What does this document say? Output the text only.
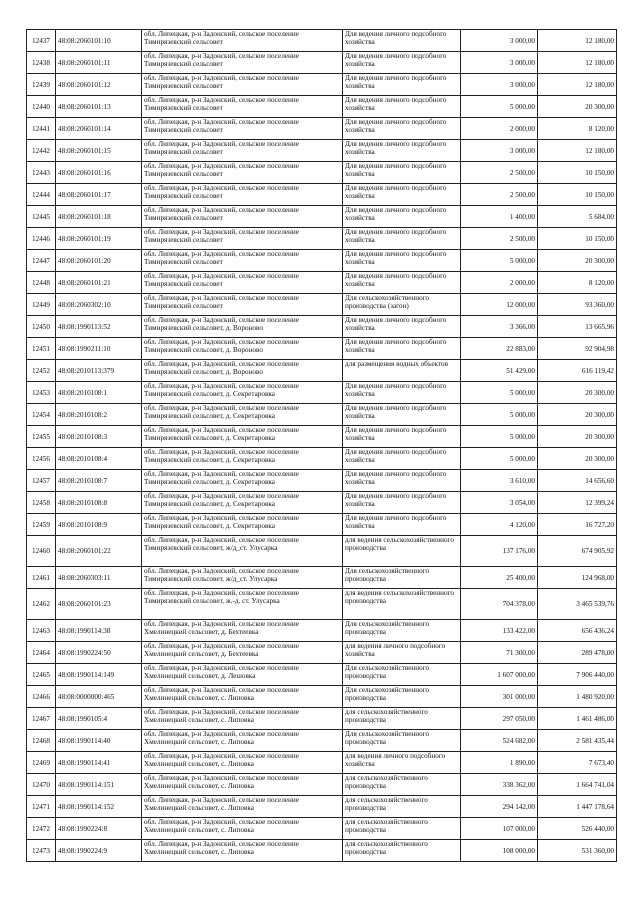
12437	48:08:2060101:10	обл. Липецкая, р-н Задонский, сельское поселение Тимирязевский сельсовет	Для ведения личного подсобного хозяйства	3 000,00	12 180,00

12438	48:08:2060101:11	обл. Липецкая, р-н Задонский, сельское поселение Тимирязевский сельсовет	Для ведения личного подсобного хозяйства	3 000,00	12 180,00

12439	48:08:2060101:12	обл. Липецкая, р-н Задонский, сельское поселение Тимирязевский сельсовет	Для ведения личного подсобного хозяйства	3 000,00	12 180,00

12440	48:08:2060101:13	обл. Липецкая, р-н Задонский, сельское поселение Тимирязевский сельсовет	Для ведения личного подсобного хозяйства	5 000,00	20 300,00

12441	48:08:2060101:14	обл. Липецкая, р-н Задонский, сельское поселение Тимирязевский сельсовет	Для ведения личного подсобного хозяйства	2 000,00	8 120,00

12442	48:08:2060101:15	обл. Липецкая, р-н Задонский, сельское поселение Тимирязевский сельсовет	Для ведения личного подсобного хозяйства	3 000,00	12 180,00

12443	48:08:2060101:16	обл. Липецкая, р-н Задонский, сельское поселение Тимирязевский сельсовет	Для ведения личного подсобного хозяйства	2 500,00	10 150,00

12444	48:08:2060101:17	обл. Липецкая, р-н Задонский, сельское поселение Тимирязевский сельсовет	Для ведения личного подсобного хозяйства	2 500,00	10 150,00

12445	48:08:2060101:18	обл. Липецкая, р-н Задонский, сельское поселение Тимирязевский сельсовет	Для ведения личного подсобного хозяйства	1 400,00	5 684,00

12446	48:08:2060101:19	обл. Липецкая, р-н Задонский, сельское поселение Тимирязевский сельсовет	Для ведения личного подсобного хозяйства	2 500,00	10 150,00

12447	48:08:2060101:20	обл. Липецкая, р-н Задонский, сельское поселение Тимирязевский сельсовет	Для ведения личного подсобного хозяйства	5 000,00	20 300,00

12448	48:08:2060101:21	обл. Липецкая, р-н Задонский, сельское поселение Тимирязевский сельсовет	Для ведения личного подсобного хозяйства	2 000,00	8 120,00

12449	48:08:2060302:10	обл. Липецкая, р-н Задонский, сельское поселение Тимирязевский сельсовет	Для сельскохозяйственного производства (загон)	12 000,00	93 360,00

12450	48:08:1990113:52	обл. Липецкая, р-н Задонский, сельское поселение Тимирязевский сельсовет, д. Вороново	Для ведения личного подсобного хозяйства	3 366,00	13 665,96

12451	48:08:1990211:10	обл. Липецкая, р-н Задонский, сельское поселение Тимирязевский сельсовет, д. Вороново	Для ведения личного подсобного хозяйства	22 883,00	92 904,98

12452	48:08:2010113:379	обл. Липецкая, р-н Задонский, сельское поселение Тимирязевский сельсовет, д. Вороново	для размещения водных объектов	51 429,00	616 119,42

12453	48:08:2010108:1	обл. Липецкая, р-н Задонский, сельское поселение Тимирязевский сельсовет, д. Секретаровка	Для ведения личного подсобного хозяйства	5 000,00	20 300,00

12454	48:08:2010108:2	обл. Липецкая, р-н Задонский, сельское поселение Тимирязевский сельсовет, д. Секретаровка	Для ведения личного подсобного хозяйства	5 000,00	20 300,00

12455	48:08:2010108:3	обл. Липецкая, р-н Задонский, сельское поселение Тимирязевский сельсовет, д. Секретаровка	Для ведения личного подсобного хозяйства	5 000,00	20 300,00

12456	48:08:2010108:4	обл. Липецкая, р-н Задонский, сельское поселение Тимирязевский сельсовет, д. Секретаровка	Для ведения личного подсобного хозяйства	5 000,00	20 300,00

12457	48:08:2010108:7	обл. Липецкая, р-н Задонский, сельское поселение Тимирязевский сельсовет, д. Секретаровка	Для ведения личного подсобного хозяйства	3 610,00	14 656,60

12458	48:08:2010108:8	обл. Липецкая, р-н Задонский, сельское поселение Тимирязевский сельсовет, д. Секретаровка	Для ведения личного подсобного хозяйства	3 054,00	12 399,24

12459	48:08:2010108:9	обл. Липецкая, р-н Задонский, сельское поселение Тимирязевский сельсовет, д. Секретаровка	Для ведения личного подсобного хозяйства	4 120,00	16 727,20

12460	48:08:2060101:22	обл. Липецкая, р-н Задонский, сельское поселение Тимирязевский сельсовет, ж/д_ст. Улусарка	для ведения сельскохозяйственного производства	137 176,00	674 905,92

12461	48:08:2060303:11	обл. Липецкая, р-н Задонский, сельское поселение Тимирязевский сельсовет, ж/д_ст. Улусарка	Для сельскохозяйственного производства	25 400,00	124 968,00

12462	48:08:2060101:23	обл. Липецкая, р-н Задонский, сельское поселение Тимирязевский сельсовет, ж.-д. ст. Улусарка	для ведения сельскохозяйственного производства	704 378,00	3 465 539,76

12463	48:08:1990114:38	обл. Липецкая, р-н Задонский, сельское поселение Хмелинецкий сельсовет, д. Бехтеевка	Для сельскохозяйственного производства	133 422,00	656 436,24

12464	48:08:1990224:50	обл. Липецкая, р-н Задонский, сельское поселение Хмелинецкий сельсовет, д. Бехтеевка	для ведения личного подсобного хозяйства	71 300,00	289 478,00

12465	48:08:1990114:149	обл. Липецкая, р-н Задонский, сельское поселение Хмелинецкий сельсовет, д. Лешовка	Для сельскохозяйственного производства	1 607 000,00	7 906 440,00

12466	48:08:0000000:465	обл. Липецкая, р-н Задонский, сельское поселение Хмелинецкий сельсовет, с. Липовка	Для сельскохозяйственного производства	301 000,00	1 480 920,00

12467	48:08:1990105:4	обл. Липецкая, р-н Задонский, сельское поселение Хмелинецкий сельсовет, с. Липовка	для сельскохозяйственного производства	297 050,00	1 461 486,00

12468	48:08:1990114:40	обл. Липецкая, р-н Задонский, сельское поселение Хмелинецкий сельсовет, с. Липовка	Для сельскохозяйственного производства	524 682,00	2 581 435,44

12469	48:08:1990114:41	обл. Липецкая, р-н Задонский, сельское поселение Хмелинецкий сельсовет, с. Липовка	для ведения личного подсобного хозяйства	1 890,00	7 673,40

12470	48:08:1990114:151	обл. Липецкая, р-н Задонский, сельское поселение Хмелинецкий сельсовет, с. Липовка	для сельскохозяйственного производства	338 362,00	1 664 741,04

12471	48:08:1990114:152	обл. Липецкая, р-н Задонский, сельское поселение Хмелинецкий сельсовет, с. Липовка	для сельскохозяйственного производства	294 142,00	1 447 178,64

12472	48:08:1990224:8	обл. Липецкая, р-н Задонский, сельское поселение Хмелинецкий сельсовет, с. Липовка	для сельскохозяйственного производства	107 000,00	526 440,00

12473	48:08:1990224:9	обл. Липецкая, р-н Задонский, сельское поселение Хмелинецкий сельсовет, с. Липовка	для сельскохозяйственного производства	108 000,00	531 360,00
